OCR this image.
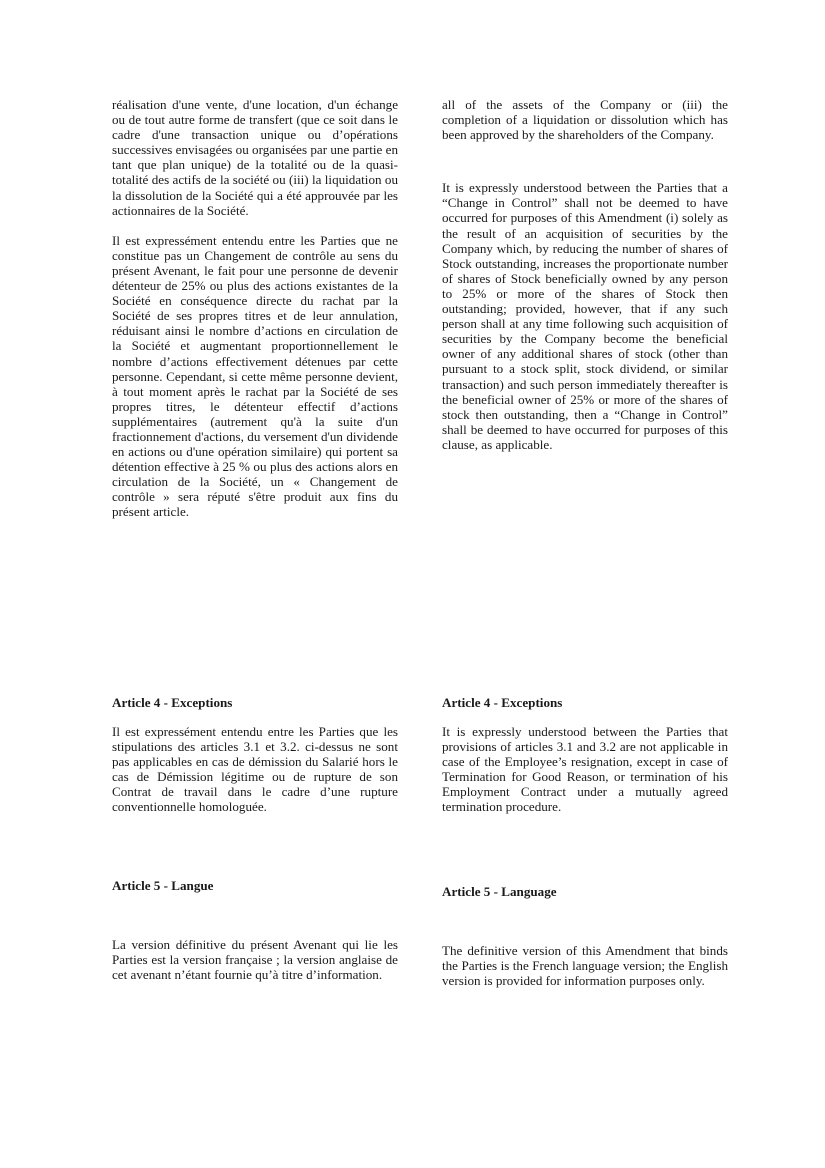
réalisation d'une vente, d'une location, d'un échange ou de tout autre forme de transfert (que ce soit dans le cadre d'une transaction unique ou d’opérations successives envisagées ou organisées par une partie en tant que plan unique) de la totalité ou de la quasi-totalité des actifs de la société ou (iii) la liquidation ou la dissolution de la Société qui a été approuvée par les actionnaires de la Société.

Il est expressément entendu entre les Parties que ne constitue pas un Changement de contrôle au sens du présent Avenant, le fait pour une personne de devenir détenteur de 25% ou plus des actions existantes de la Société en conséquence directe du rachat par la Société de ses propres titres et de leur annulation, réduisant ainsi le nombre d’actions en circulation de la Société et augmentant proportionnellement le nombre d’actions effectivement détenues par cette personne. Cependant, si cette même personne devient, à tout moment après le rachat par la Société de ses propres titres, le détenteur effectif d’actions supplémentaires (autrement qu'à la suite d'un fractionnement d'actions, du versement d'un dividende en actions ou d'une opération similaire) qui portent sa détention effective à 25 % ou plus des actions alors en circulation de la Société, un « Changement de contrôle » sera réputé s'être produit aux fins du présent article.

Article 4 - Exceptions
Il est expressément entendu entre les Parties que les stipulations des articles 3.1 et 3.2. ci-dessus ne sont pas applicables en cas de démission du Salarié hors le cas de Démission légitime ou de rupture de son Contrat de travail dans le cadre d’une rupture conventionnelle homologuée.
Article 5 - Langue
La version définitive du présent Avenant qui lie les Parties est la version française ; la version anglaise de cet avenant n’étant fournie qu’à titre d’information.

all of the assets of the Company or (iii) the completion of a liquidation or dissolution which has been approved by the shareholders of the Company.

It is expressly understood between the Parties that a “Change in Control” shall not be deemed to have occurred for purposes of this Amendment (i) solely as the result of an acquisition of securities by the Company which, by reducing the number of shares of Stock outstanding, increases the proportionate number of shares of Stock beneficially owned by any person to 25% or more of the shares of Stock then outstanding; provided, however, that if any such person shall at any time following such acquisition of securities by the Company become the beneficial owner of any additional shares of stock (other than pursuant to a stock split, stock dividend, or similar transaction) and such person immediately thereafter is the beneficial owner of 25% or more of the shares of stock then outstanding, then a “Change in Control” shall be deemed to have occurred for purposes of this clause, as applicable.

Article 4 - Exceptions
It is expressly understood between the Parties that provisions of articles 3.1 and 3.2 are not applicable in case of the Employee’s resignation, except in case of Termination for Good Reason, or termination of his Employment Contract under a mutually agreed termination procedure.
Article 5 - Language
The definitive version of this Amendment that binds the Parties is the French language version; the English version is provided for information purposes only.
